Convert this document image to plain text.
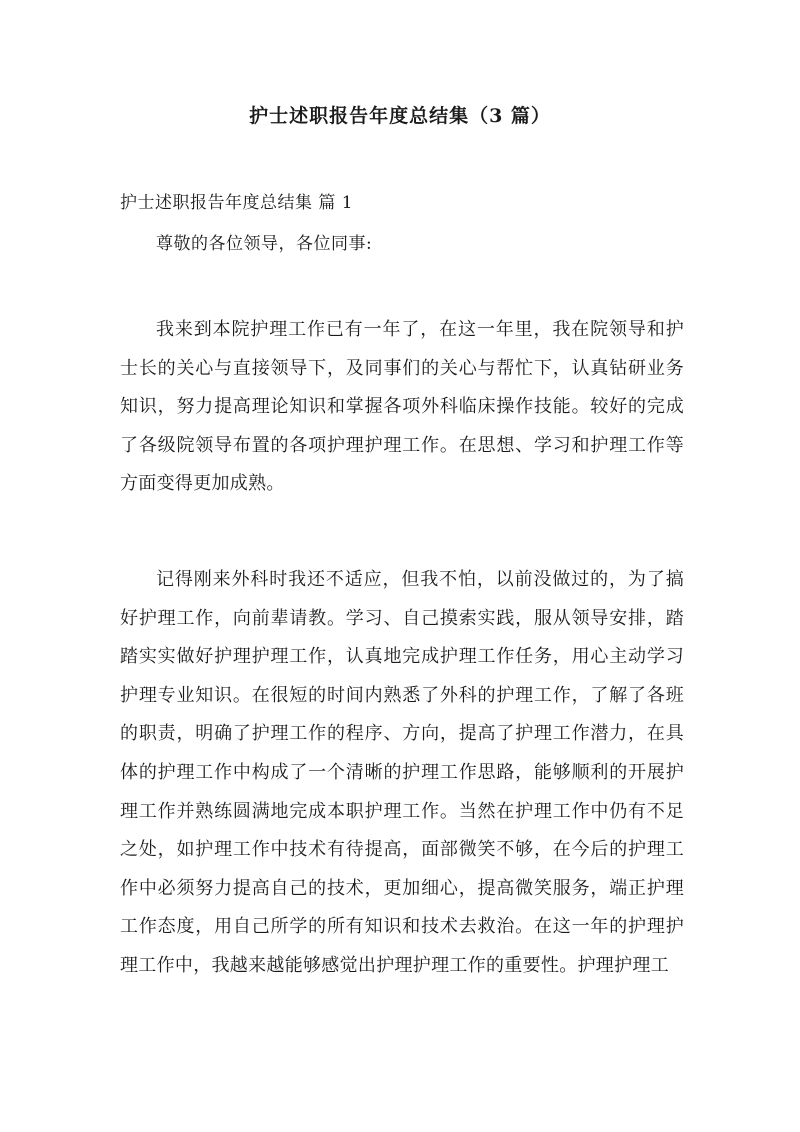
护士述职报告年度总结集（3 篇）
护士述职报告年度总结集 篇 1
尊敬的各位领导，各位同事:

我来到本院护理工作已有一年了，在这一年里，我在院领导和护士长的关心与直接领导下，及同事们的关心与帮忙下，认真钻研业务知识，努力提高理论知识和掌握各项外科临床操作技能。较好的完成了各级院领导布置的各项护理护理工作。在思想、学习和护理工作等方面变得更加成熟。

记得刚来外科时我还不适应，但我不怕，以前没做过的，为了搞好护理工作，向前辈请教。学习、自己摸索实践，服从领导安排，踏踏实实做好护理护理工作，认真地完成护理工作任务，用心主动学习护理专业知识。在很短的时间内熟悉了外科的护理工作，了解了各班的职责，明确了护理工作的程序、方向，提高了护理工作潜力，在具体的护理工作中构成了一个清晰的护理工作思路，能够顺利的开展护理工作并熟练圆满地完成本职护理工作。当然在护理工作中仍有不足之处，如护理工作中技术有待提高，面部微笑不够，在今后的护理工作中必须努力提高自己的技术，更加细心，提高微笑服务，端正护理工作态度，用自己所学的所有知识和技术去救治。在这一年的护理护理工作中，我越来越能够感觉出护理护理工作的重要性。护理护理工
